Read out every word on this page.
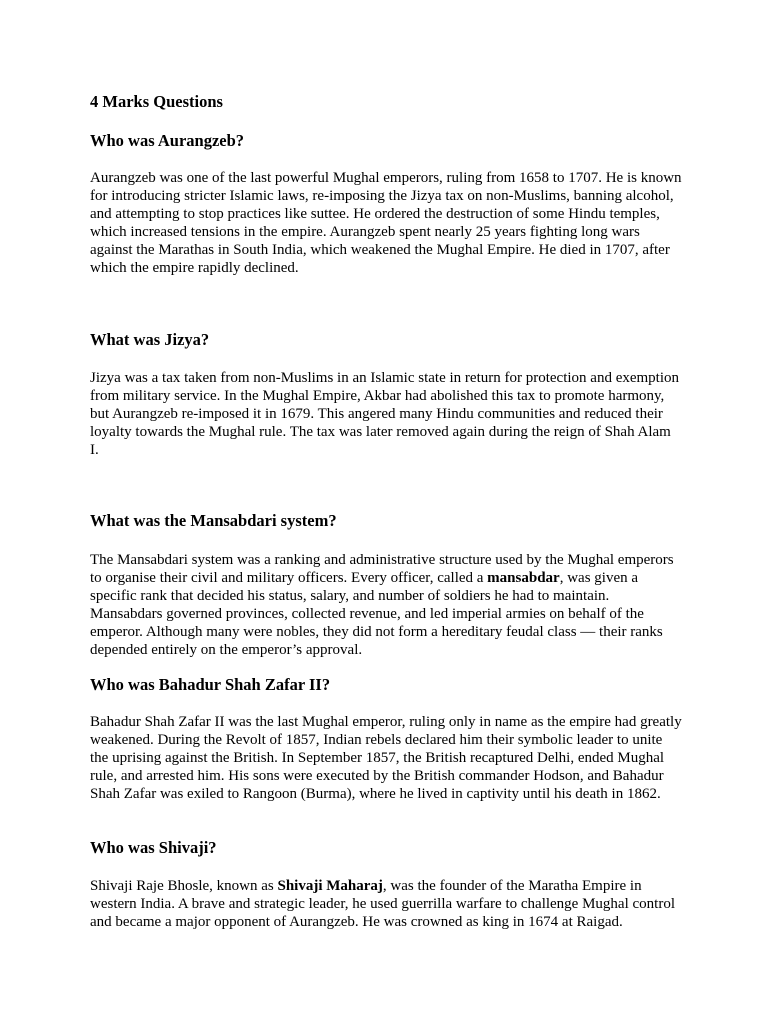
4 Marks Questions
Who was Aurangzeb?

Aurangzeb was one of the last powerful Mughal emperors, ruling from 1658 to 1707. He is known for introducing stricter Islamic laws, re-imposing the Jizya tax on non-Muslims, banning alcohol, and attempting to stop practices like suttee. He ordered the destruction of some Hindu temples, which increased tensions in the empire. Aurangzeb spent nearly 25 years fighting long wars against the Marathas in South India, which weakened the Mughal Empire. He died in 1707, after which the empire rapidly declined.

What was Jizya?

Jizya was a tax taken from non-Muslims in an Islamic state in return for protection and exemption from military service. In the Mughal Empire, Akbar had abolished this tax to promote harmony, but Aurangzeb re-imposed it in 1679. This angered many Hindu communities and reduced their loyalty towards the Mughal rule. The tax was later removed again during the reign of Shah Alam I.

What was the Mansabdari system?

The Mansabdari system was a ranking and administrative structure used by the Mughal emperors to organise their civil and military officers. Every officer, called a mansabdar, was given a specific rank that decided his status, salary, and number of soldiers he had to maintain. Mansabdars governed provinces, collected revenue, and led imperial armies on behalf of the emperor. Although many were nobles, they did not form a hereditary feudal class — their ranks depended entirely on the emperor’s approval.

Who was Bahadur Shah Zafar II?

Bahadur Shah Zafar II was the last Mughal emperor, ruling only in name as the empire had greatly weakened. During the Revolt of 1857, Indian rebels declared him their symbolic leader to unite the uprising against the British. In September 1857, the British recaptured Delhi, ended Mughal rule, and arrested him. His sons were executed by the British commander Hodson, and Bahadur Shah Zafar was exiled to Rangoon (Burma), where he lived in captivity until his death in 1862.

Who was Shivaji?

Shivaji Raje Bhosle, known as Shivaji Maharaj, was the founder of the Maratha Empire in western India. A brave and strategic leader, he used guerrilla warfare to challenge Mughal control and became a major opponent of Aurangzeb. He was crowned as king in 1674 at Raigad.
